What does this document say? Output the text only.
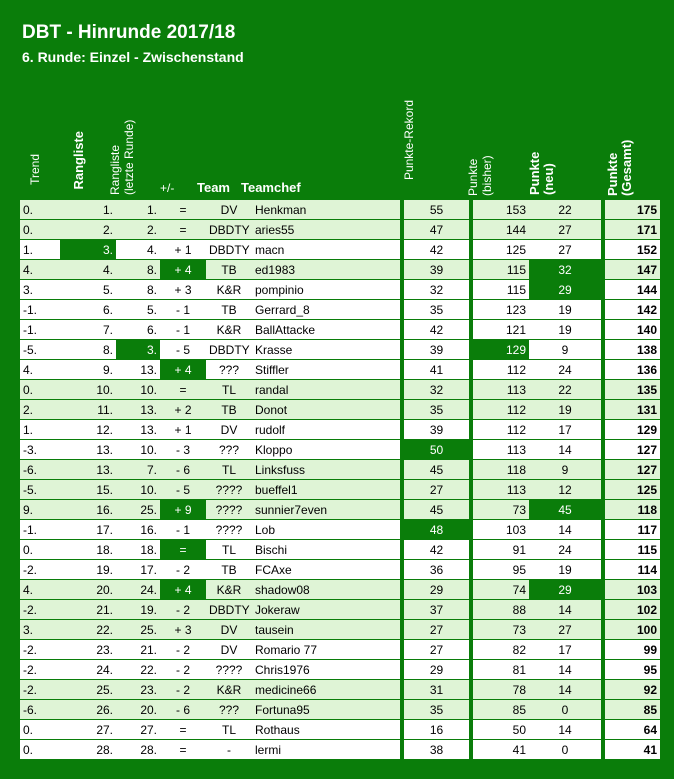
DBT - Hinrunde 2017/18
6. Runde: Einzel - Zwischenstand
Trend Rangliste Rangliste
(letzte Runde) +/- Team Teamchef
Punkte-Rekord	Punkte
(bisher)	Punkte
(neu)	Punkte
(Gesamt)
0.	1.	1.	=	DV	Henkman		55		153	22		175
0.	2.	2.	=	DBDTY	aries55		47		144	27		171
1.	3.	4.	+ 1	DBDTY	macn		42		125	27		152
4.	4.	8.	+ 4	TB	ed1983		39		115	32		147
3.	5.	8.	+ 3	K&R	pompinio		32		115	29		144
-1.	6.	5.	- 1	TB	Gerrard_8		35		123	19		142
-1.	7.	6.	- 1	K&R	BallAttacke		42		121	19		140
-5.	8.	3.	- 5	DBDTY	Krasse		39		129	9		138
4.	9.	13.	+ 4	???	Stiffler		41		112	24		136
0.	10.	10.	=	TL	randal		32		113	22		135
2.	11.	13.	+ 2	TB	Donot		35		112	19		131
1.	12.	13.	+ 1	DV	rudolf		39		112	17		129
-3.	13.	10.	- 3	???	Kloppo		50		113	14		127
-6.	13.	7.	- 6	TL	Linksfuss		45		118	9		127
-5.	15.	10.	- 5	????	bueffel1		27		113	12		125
9.	16.	25.	+ 9	????	sunnier7even		45		73	45		118
-1.	17.	16.	- 1	????	Lob		48		103	14		117
0.	18.	18.	=	TL	Bischi		42		91	24		115
-2.	19.	17.	- 2	TB	FCAxe		36		95	19		114
4.	20.	24.	+ 4	K&R	shadow08		29		74	29		103
-2.	21.	19.	- 2	DBDTY	Jokeraw		37		88	14		102
3.	22.	25.	+ 3	DV	tausein		27		73	27		100
-2.	23.	21.	- 2	DV	Romario 77		27		82	17		99
-2.	24.	22.	- 2	????	Chris1976		29		81	14		95
-2.	25.	23.	- 2	K&R	medicine66		31		78	14		92
-6.	26.	20.	- 6	???	Fortuna95		35		85	0		85
0.	27.	27.	=	TL	Rothaus		16		50	14		64
0.	28.	28.	=	-	lermi		38		41	0		41
